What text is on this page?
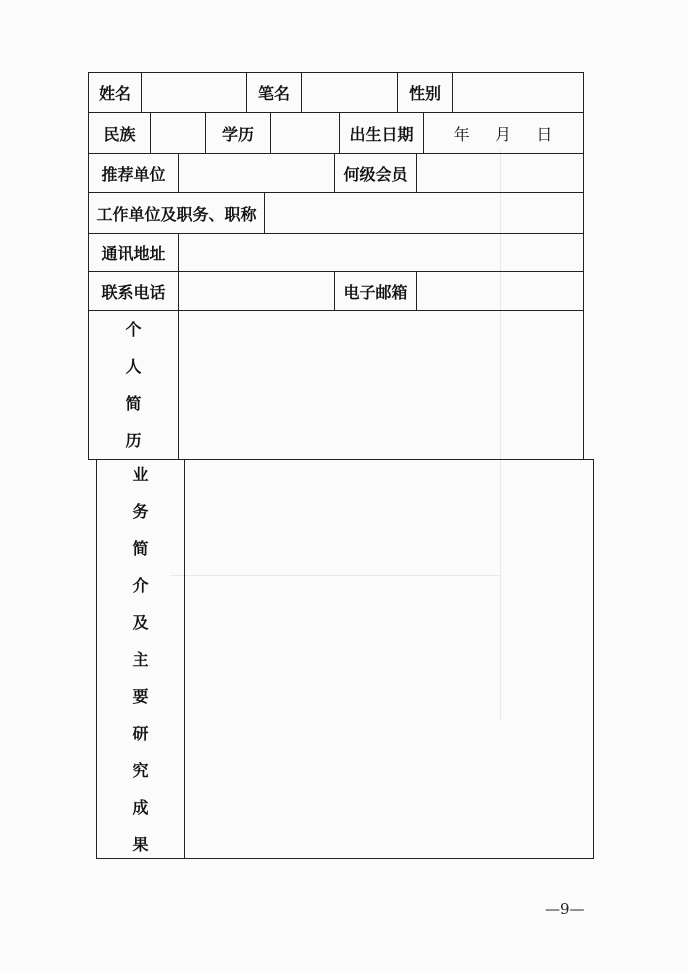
姓名	笔名	性别
民族	学历	出生日期	年    月    日
推荐单位	何级会员
工作单位及职务、职称
通讯地址
联系电话	电子邮箱
个
人
简
历
业
务
简
介
及
主
要
研
究
成
果
—9—
